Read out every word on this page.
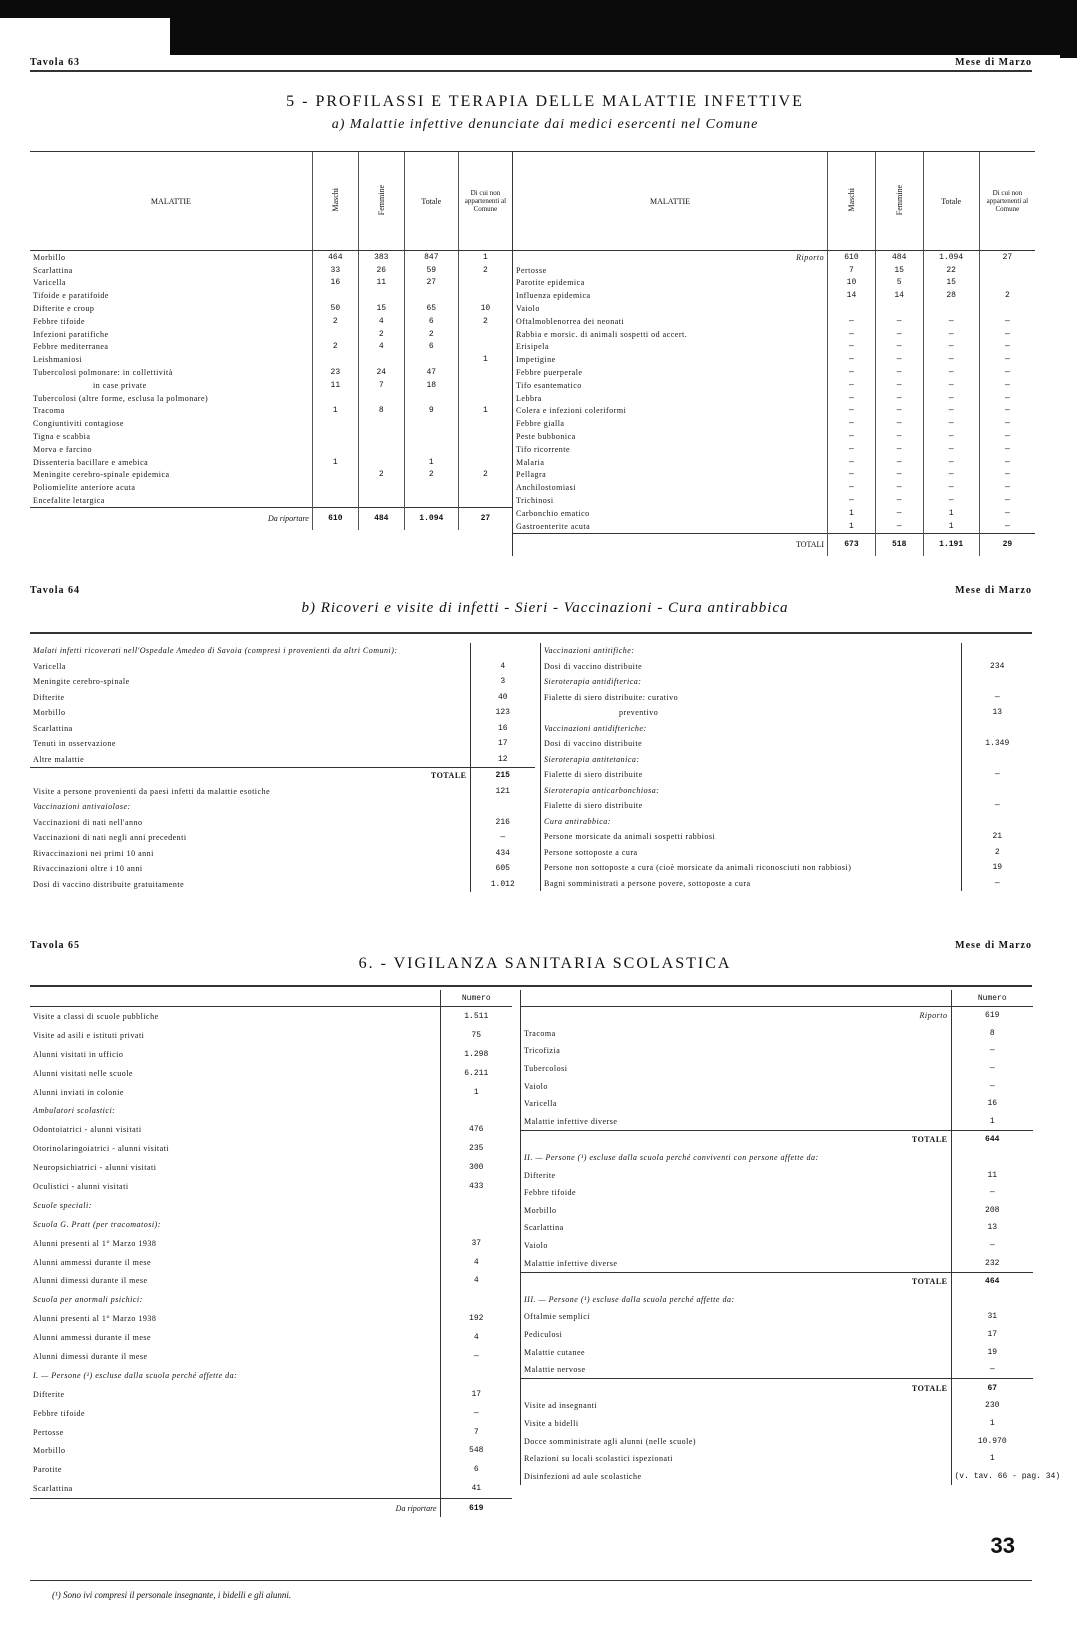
Tavola 63	Mese di Marzo
5 - PROFILASSI E TERAPIA DELLE MALATTIE INFETTIVE
a) Malattie infettive denunciate dai medici esercenti nel Comune
MALATTIE	Maschi	Femmine	Totale	Di cui non appartenenti al Comune
Morbillo	464	383	847	1
Scarlattina	33	26	59	2
Varicella	16	11	27	
Tifoide e paratifoide				
Difterite e croup	50	15	65	10
Febbre tifoide	2	4	6	2
Infezioni paratifiche		2	2	
Febbre mediterranea	2	4	6	
Leishmaniosi				1
Tubercolosi polmonare: in collettività	23	24	47	
in case private	11	7	18	
Tubercolosi (altre forme, esclusa la polmonare)				
Tracoma	1	8	9	1
Congiuntiviti contagiose				
Tigna e scabbia				
Morva e farcino				
Dissenteria bacillare e amebica	1		1	
Meningite cerebro-spinale epidemica		2	2	2
Poliomielite anteriore acuta				
Encefalite letargica				
Da riportare	610	484	1.094	27
MALATTIE	Maschi	Femmine	Totale	Di cui non appartenenti al Comune
Riporto	610	484	1.094	27
Pertosse	7	15	22	
Parotite epidemica	10	5	15	
Influenza epidemica	14	14	28	2
Vaiolo				
Oftalmoblenorrea dei neonati	—	—	—	—
Rabbia e morsic. di animali sospetti od accert.	—	—	—	—
Erisipela	—	—	—	—
Impetigine	—	—	—	—
Febbre puerperale	—	—	—	—
Tifo esantematico	—	—	—	—
Lebbra	—	—	—	—
Colera e infezioni coleriformi	—	—	—	—
Febbre gialla	—	—	—	—
Peste bubbonica	—	—	—	—
Tifo ricorrente	—	—	—	—
Malaria	—	—	—	—
Pellagra	—	—	—	—
Anchilostomiasi	—	—	—	—
Trichinosi	—	—	—	—
Carbonchio ematico	1	—	1	—
Gastroenterite acuta	1	—	1	—
TOTALI	673	518	1.191	29
Tavola 64	Mese di Marzo
b) Ricoveri e visite di infetti - Sieri - Vaccinazioni - Cura antirabbica
Malati infetti ricoverati nell'Ospedale Amedeo di Savoia (compresi i provenienti da altri Comuni):	
Varicella	4
Meningite cerebro-spinale	3
Difterite	40
Morbillo	123
Scarlattina	16
Tenuti in osservazione	17
Altre malattie	12
TOTALE	215
Visite a persone provenienti da paesi infetti da malattie esotiche	121
Vaccinazioni antivaiolose:	
Vaccinazioni di nati nell'anno	216
Vaccinazioni di nati negli anni precedenti	—
Rivaccinazioni nei primi 10 anni	434
Rivaccinazioni oltre i 10 anni	605
Dosi di vaccino distribuite gratuitamente	1.012
Vaccinazioni antitifiche:	
Dosi di vaccino distribuite	234
Sieroterapia antidifterica:	
Fialette di siero distribuite: curativo	—
preventivo	13
Vaccinazioni antidifteriche:	
Dosi di vaccino distribuite	1.349
Sieroterapia antitetanica:	
Fialette di siero distribuite	—
Sieroterapia anticarbonchiosa:	
Fialette di siero distribuite	—
Cura antirabbica:	
Persone morsicate da animali sospetti rabbiosi	21
Persone sottoposte a cura	2
Persone non sottoposte a cura (cioè morsicate da animali riconosciuti non rabbiosi)	19
Bagni somministrati a persone povere, sottoposte a cura	—
Tavola 65	Mese di Marzo
6. - VIGILANZA SANITARIA SCOLASTICA
	Numero
Visite a classi di scuole pubbliche	1.511
Visite ad asili e istituti privati	75
Alunni visitati in ufficio	1.298
Alunni visitati nelle scuole	6.211
Alunni inviati in colonie	1
Ambulatori scolastici:	
Odontoiatrici - alunni visitati	476
Otorinolaringoiatrici - alunni visitati	235
Neuropsichiatrici - alunni visitati	300
Oculistici - alunni visitati	433
Scuole speciali:	
Scuola G. Pratt (per tracomatosi):	
Alunni presenti al 1° Marzo 1938	37
Alunni ammessi durante il mese	4
Alunni dimessi durante il mese	4
Scuola per anormali psichici:	
Alunni presenti al 1° Marzo 1938	192
Alunni ammessi durante il mese	4
Alunni dimessi durante il mese	—
I. — Persone (¹) escluse dalla scuola perché affette da:	
Difterite	17
Febbre tifoide	—
Pertosse	7
Morbillo	548
Parotite	6
Scarlattina	41
Da riportare	619
	Numero
Riporto	619
Tracoma	8
Tricofizia	—
Tubercolosi	—
Vaiolo	—
Varicella	16
Malattie infettive diverse	1
TOTALE	644
II. — Persone (¹) escluse dalla scuola perché conviventi con persone affette da:	
Difterite	11
Febbre tifoide	—
Morbillo	208
Scarlattina	13
Vaiolo	—
Malattie infettive diverse	232
TOTALE	464
III. — Persone (¹) escluse dalla scuola perché affette da:	
Oftalmie semplici	31
Pediculosi	17
Malattie cutanee	19
Malattie nervose	—
TOTALE	67
Visite ad insegnanti	230
Visite a bidelli	1
Docce somministrate agli alunni (nelle scuole)	10.970
Relazioni su locali scolastici ispezionati	1
Disinfezioni ad aule scolastiche	(v. tav. 66 - pag. 34)
(¹) Sono ivi compresi il personale insegnante, i bidelli e gli alunni.
33
